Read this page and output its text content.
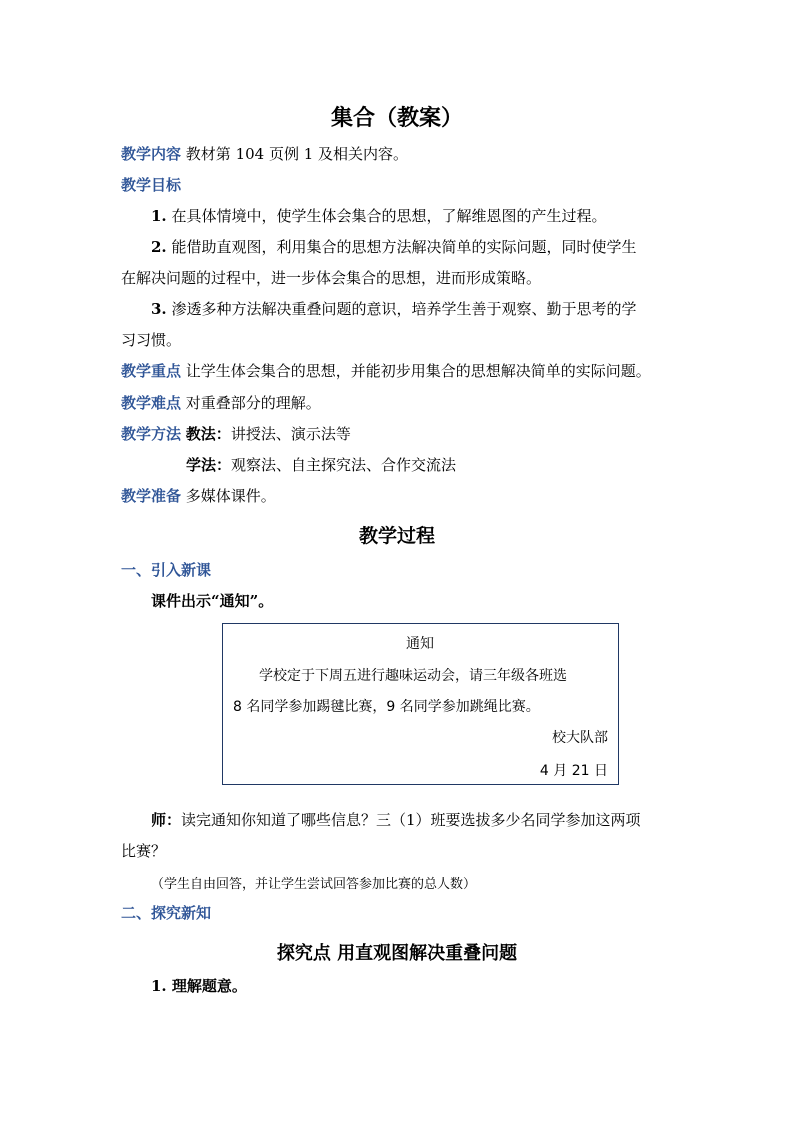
集合（教案）
教学内容 教材第 104 页例 1 及相关内容。
教学目标
1. 在具体情境中，使学生体会集合的思想，了解维恩图的产生过程。
2. 能借助直观图，利用集合的思想方法解决简单的实际问题，同时使学生
在解决问题的过程中，进一步体会集合的思想，进而形成策略。
3. 渗透多种方法解决重叠问题的意识，培养学生善于观察、勤于思考的学
习习惯。
教学重点 让学生体会集合的思想，并能初步用集合的思想解决简单的实际问题。
教学难点 对重叠部分的理解。
教学方法 教法：讲授法、演示法等
学法：观察法、自主探究法、合作交流法
教学准备 多媒体课件。
教学过程
一、引入新课
课件出示“通知”。
通知
学校定于下周五进行趣味运动会，请三年级各班选
8 名同学参加踢毽比赛，9 名同学参加跳绳比赛。
校大队部
4 月 21 日
师：读完通知你知道了哪些信息？三（1）班要选拔多少名同学参加这两项
比赛？
（学生自由回答，并让学生尝试回答参加比赛的总人数）
二、探究新知
探究点 用直观图解决重叠问题
1. 理解题意。
